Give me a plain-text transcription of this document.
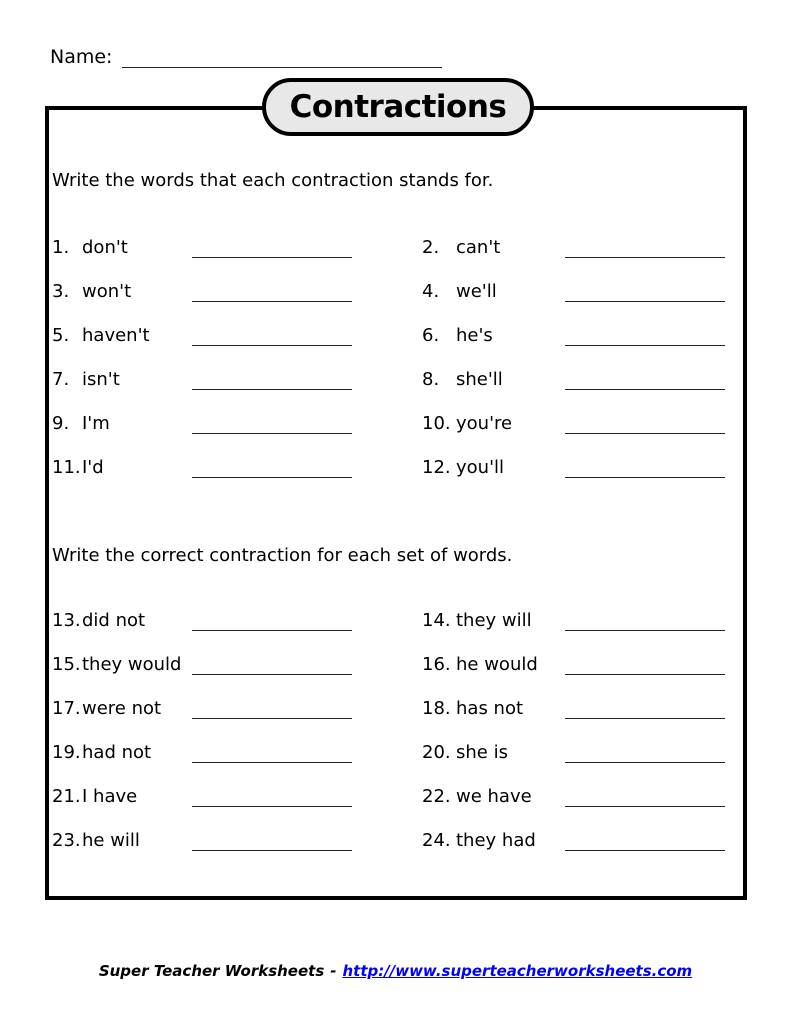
Name:
Contractions
Write the words that each contraction stands for.
1. don't	2. can't
3. won't	4. we'll
5. haven't	6. he's
7. isn't	8. she'll
9. I'm	10. you're
11. I'd	12. you'll
Write the correct contraction for each set of words.
13. did not	14. they will
15. they would	16. he would
17. were not	18. has not
19. had not	20. she is
21. I have	22. we have
23. he will	24. they had
Super Teacher Worksheets - http://www.superteacherworksheets.com
